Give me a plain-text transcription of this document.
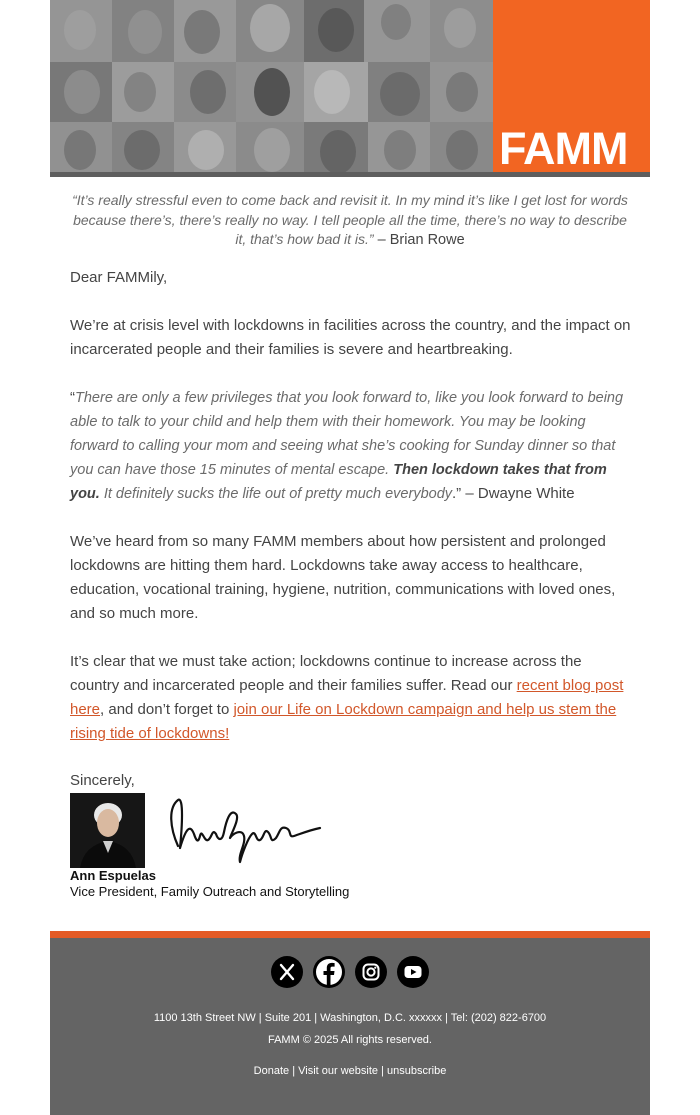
FAMM
“It’s really stressful even to come back and revisit it. In my mind it’s like I get lost for words because there’s, there’s really no way. I tell people all the time, there’s no way to describe it, that’s how bad it is.” – Brian Rowe
Dear FAMMily,
We’re at crisis level with lockdowns in facilities across the country, and the impact on incarcerated people and their families is severe and heartbreaking.
“There are only a few privileges that you look forward to, like you look forward to being able to talk to your child and help them with their homework. You may be looking forward to calling your mom and seeing what she’s cooking for Sunday dinner so that you can have those 15 minutes of mental escape. Then lockdown takes that from you. It definitely sucks the life out of pretty much everybody.” – Dwayne White
We’ve heard from so many FAMM members about how persistent and prolonged lockdowns are hitting them hard. Lockdowns take away access to healthcare, education, vocational training, hygiene, nutrition, communications with loved ones, and so much more.
It’s clear that we must take action; lockdowns continue to increase across the country and incarcerated people and their families suffer. Read our recent blog post here, and don’t forget to join our Life on Lockdown campaign and help us stem the rising tide of lockdowns!
Sincerely,
Ann Espuelas
Vice President, Family Outreach and Storytelling
1100 13th Street NW | Suite 201 | Washington, D.C. xxxxxx | Tel: (202) 822-6700
FAMM © 2025 All rights reserved.
Donate | Visit our website | unsubscribe
